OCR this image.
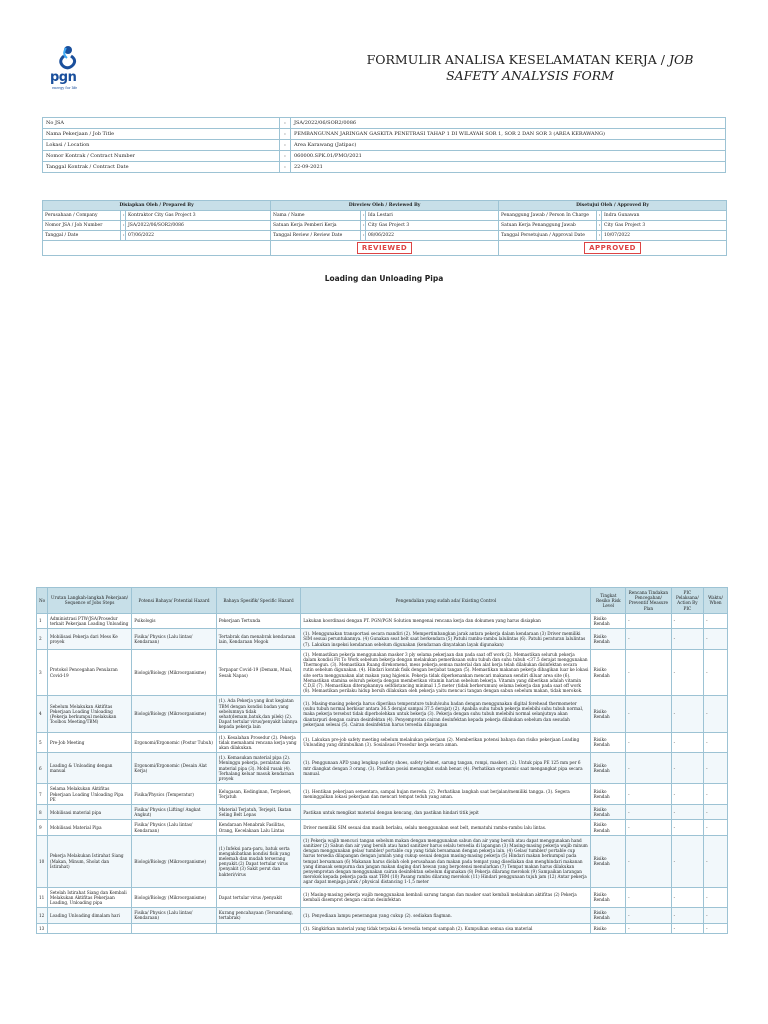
pgn
energy for life
FORMULIR ANALISA KESELAMATAN KERJA / JOB
SAFETY ANALYSIS FORM
No JSA	:	JSA/2022/06/SOR2/0086
Nama Pekerjaan / Job Title	:	PEMBANGUNAN JARINGAN GASKITA PENETRASI TAHAP 1 DI WILAYAH SOR 1, SOR 2 DAN SOR 3 (AREA KERAWANG)
Lokasi / Location	:	Area Karawang (Jatipac)
Nomor Kontrak / Contract Number	:	060000.SPK.01/PMO/2021
Tanggal Kontrak / Contract Date	:	22-09-2021
Disiapkan Oleh / Prepared By			Direview Oleh / Reviewed By			Disetujui Oleh / Approved By		
Perusahaan / Company	:	Kontraktor City Gas Project 3	Nama / Name	:	Ida Lestari	Penanggung Jawab / Person In Charge	:	Indra Gunawan
Nomor JSA / Job Number	:	JSA/2022/06/SOR2/0086	Satuan Kerja Pemberi Kerja	:	City Gas Project 3	Satuan Kerja Penanggung Jawab	:	City Gas Project 3
Tanggal / Date	:	07/06/2022	Tanggal Review / Review Date	:	08/06/2022	Tanggal Persetujuan / Approval Date	:	10/07/2022
			REVIEWED			APPROVED		
Loading dan Unloading Pipa
No	Urutan Langkah-langkah Pekerjaan/ Sequence of Jobs Steps	Potensi Bahaya/ Potential Hazard	Bahaya Spesifik/ Specific Hazard	Pengendalian yang sudah ada/ Existing Control	Tingkat Resiko Risk Level	Rencana Tindakan Pencegahan/ Preventif Measure Plan	PIC Pelaksana/ Action By PIC	Waktu/ When
1	Administrasi PTW/JSA/Prosedur terkait Pekerjaan Loading Unloading	Psikologis	Pekerjaan Tertunda	Lakukan koordinasi dengan PT. PGN/PGN Solution mengenai rencana kerja dan dokumen yang harus disiapkan	Risiko Rendah	-	-	-
2	Mobilisasi Pekerja dari Mess Ke proyek	Fisika/ Physics (Lalu lintas/ Kendaraan)	Tertabrak dan menabrak kendaraan lain, Kendaraan Mogok	(1). Menggunakan transportasi secara mandiri (2). Mempertimbangkan jarak antara pekerja dalam kendaraan (3) Driver memiliki SIM sesuai peruntukannya. (4) Gunakan seat belt saat berkendara (5) Patuhi rambu-rambu lalulintas (6). Patuhi peraturan lalulintas (7). Lakukan inspeksi kendaraan sebelum digunakan (kendaraan dinyatakan layak digunakan)	Risiko Rendah	-	-	-
3	Protokol Pencegahan Penularan Covid-19	Biologi/Biology (Mikroorganisme)	Terpapar Covid-19 (Demam, Mual, Sesak Napas)	(1). Memastikan pekerja menggunakan masker 3 ply selama pekerjaan dan pada saat off work (2). Memastikan seluruh pekerja dalam kondisi Fit To Work sebelum bekerja dengan melakukan pemeriksaan suhu tubuh dan suhu tubuh <37.5 derajat menggunakan Thermogun. (3). Memastikan Ruang direkomend, mess pekerja,semua material dan alat kerja telah dilakukan disinfektan secara rutin sebelum digunakan. (4). Hindari kontak fisik dengan berjabat tangan (5). Memastikan makanan pekerja dibagikan luar ke lokasi site serta menggunakan alat makan yang higienis. Pekerja tidak diperkenankan mencari makanan sendiri diluar area site (6). Memastikan stamina seluruh pekerja dengan memberikan vitamin harian sebelum bekerja. Vitamin yang diberikan adalah vitamin C,D,E (7). Memastikan diterapkannya selfdistancing minimal 1,5 meter (tidak berkerumun) selama bekerja dan pada saat off work (8). Memastikan perilaku hidup bersih dilakukan oleh pekerja yaitu mencuci tangan dengan sabun sebelum makan, tidak merokok.	Risiko Rendah	-	-	-
4	Sebelum Melakukan Aktifitas Pekerjaan Loading Unloading (Pekerja berkumpul melakukan Toolbox Meeting/TBM)	Biologi/Biology (Mikroorganisme)	(1). Ada Pekerja yang ikut kegiatan TBM dengan kondisi badan yang sebelumnya tidak sehat(demam,batuk,dan pilek) (2). Dapat tertular virus/penyakit lainnya kepada pekerja lain	(1). Masing-masing pekerja harus diperiksa temperature tubuh/suhu badan dengan menggunakan digital forehead thermometer (suhu tubuh normal berkisar antara 36.5 derajat sampai 37.5 derajat) (2). Apabila suhu tubuh pekerja melebihi suhu tubuh normal, maka pekerja tersebut tidak diperbolehkan untuk bekerja (3). Pekerja dengan suhu tubuh melebihi normal selanjutnya akan diantarpuri dengan cairan desinfektan (4). Penyemprotan cairan desinfektan kepada pekerja dilakukan sebelum dan sesudah pekerjaan selesai (5). Cairan desinfektan harus tersedia dilapangan	Risiko Rendah	-	-	-
5	Pre-Job Meeting	Ergonomi/Ergonomic (Postur Tubuh)	(1). Kesalahan Prosedur (2). Pekerja tidak memahami rencana kerja yang akan dilakukan.	(1). Lakukan pre-job safety meeting sebelum melakukan pekerjaan (2). Memberikan potensi bahaya dan risiko pekerjaan Loading Unloading yang ditimbulkan (3). Sosialisasi Prosedur kerja secara aman.	Risiko Rendah	-	-	-
6	Loading & Unloading dengan manual	Ergonomi/Ergonomic (Desain Alat Kerja)	(1). Kemasukan material pipa (2). Meninggu pekerja, peralatan dan material pipa (3). Mobil rusak (4). Terhalang keluar masuk kendaraan proyek	(1). Penggunaan APD yang lengkap (safety shoes, safety helmet, sarung tangan, rompi, masker). (2). Untuk pipa PE 125 mm per 6 mtr diangkat dengan 3 orang. (3). Pastikan posisi menangkat sudah benar. (4). Perhatikan ergonomic saat mengangkat pipa secara manual.	Risiko Rendah	-	-	-
7	Selama Melakukan Aktifitas Pekerjaan Loading Unloading Pipa PE	Fisika/Physics (Temperatur)	Kelugasan, Kedinginan, Terpleset, Terjatuh	(1). Hentikan pekerjaan sementara, sampai hujan mereda. (2). Perhatikan langkah saat berjalan/memiliki tangga. (3). Segera meninggalkan lokasi pekerjaan dan mencari tempat teduh yang aman.	Risiko Rendah	-	-	-
8	Mobilisasi material pipa	Fisika/ Physics (Lifting/ Angkat Angkut)	Material Terjatuh, Terjepit, Ikatan Seling Belt Lepas	Pastikan untuk mengikat material dengan kencang, dan pastikan hindari titik jepit	Risiko Rendah	-	-	-
9	Mobilisasi Material Pipa	Fisika/ Physics (Lalu lintas/ Kendaraan)	Kendaraan Menabrak Fasilitas, Orang, Kecelakaan Lalu Lintas	Driver memiliki SIM sesuai dan masih berlaku, selalu menggunakan seat belt, mematuhi rambu-rambu lalu lintas.	Risiko Rendah	-	-	-
10	Pekerja Melakukan Istirahat Siang (Makan, Minum, Sholat dan Istirahat)	Biologi/Biology (Mikroorganisme)	(1) Infeksi para-paru, batuk serta mengakibatkan kondisi fisik yang melemah dan mudah terserang penyakit.(2) Dapat tertular virus /penyakit (3) Sakit perut dan bakteri/virus	(1) Pekerja wajib mencuci tangan sebelum makan dengan menggunakan sabun dan air yang bersih atau dapat menggunakan hand sanitizer (2) Sabun dan air yang bersih atau hand sanitizer harus selalu tersedia di lapangan (3) Masing-masing pekerja wajib minum dengan menggunakan gelas/ tumbler/ portable cup yang tidak bersamaan dengan pekerja lain. (4) Gelas/ tumbler/ portable cup harus tersedia dilapangan dengan jumlah yang cukup sesuai dengan masing-masing pekerja (5) Hindari makan berkumpul pada tempat bersamaan (6) Makanan harus diolah oleh perusahaan dan makan pada tempat yang disediakan dan menghindari makanan yang dimasak sempurna dan jangan makan daging dari hewan yang berpotensi menularkan (7) Tempat makan harus dilakukan penyemprotan dengan menggunakan cairan desinfektan sebelum digunakan (8) Pekerja dilarang merokok (9) Sampaikan larangan merokok kepada pekerja pada saat TBM (10) Pasang rambu dilarang merokok (11) Hindari penggunaan tujuh jam (12) Antar pekerja agar dapat menjaga jarak / physical distancing 1-1,5 meter	Risiko Rendah	-	-	-
11	Setelah Istirahat Siang dan Kembali Melakukan Aktifitas Pekerjaan Loading, Unloading pipa	Biologi/Biology (Mikroorganisme)	Dapat tertular virus /penyakit	(1) Masing-masing pekerja wajib menggunakan kembali sarung tangan dan masker saat kembali melakukan aktifitas (2) Pekerja kembali disemprot dengan cairan desinfektan	Risiko Rendah	-	-	-
12	Loading Unloading dimalam hari	Fisika/ Physics (Lalu lintas/ Kendaraan)	Kurang pencahayaan (Tersandung, tertabrak)	(1). Penyediaan lampu penerangan yang cukup (2). sediakan flagman.	Risiko Rendah	-	-	-
13				(1). Singkirkan material yang tidak terpakai & teresdia tempat sampah (2). Kumpulkan semua sisa material	Risiko	-	-	-
